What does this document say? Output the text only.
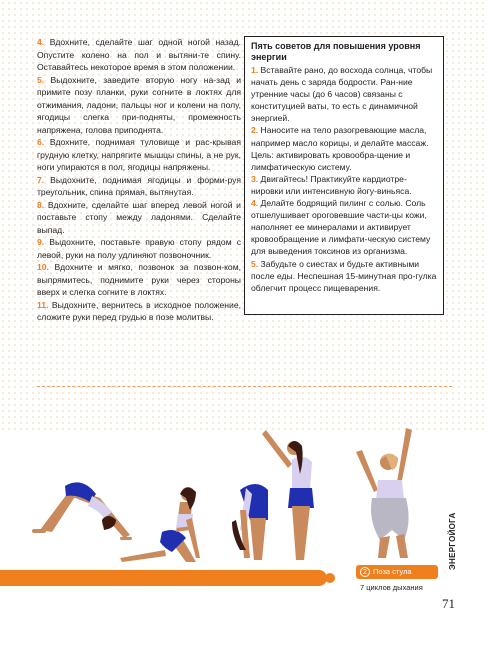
4. Вдохните, сделайте шаг одной ногой назад. Опустите колено на пол и вытяни-те спину. Оставайтесь некоторое время в этом положении.

5. Выдохните, заведите вторую ногу на-зад и примите позу планки, руки согните в локтях для отжимания, ладони, пальцы ног и колени на полу, ягодицы слегка при-подняты, промежность напряжена, голова приподнята.

6. Вдохните, поднимая туловище и рас-крывая грудную клетку, напрягите мышцы спины, а не рук, ноги упираются в пол, ягодицы напряжены.

7. Выдохните, поднимая ягодицы и форми-руя треугольник, спина прямая, вытянутая.

8. Вдохните, сделайте шаг вперед левой ногой и поставьте стопу между ладонями. Сделайте выпад.

9. Выдохните, поставьте правую стопу рядом с левой, руки на полу удлиняют позвоночник.

10. Вдохните и мягко, позвонок за позвон-ком, выпрямитесь, поднимите руки через стороны вверх и слегка согните в локтях.

11. Выдохните, вернитесь в исходное положение, сложите руки перед грудью в позе молитвы.

Пять советов для повышения уровня энергии

1. Вставайте рано, до восхода солнца, чтобы начать день с заряда бодрости. Ран-ние утренние часы (до 6 часов) связаны с конституцией ваты, то есть с динамичной энергией.

2. Наносите на тело разогревающие масла, например масло корицы, и делайте массаж. Цель: активировать кровообра-щение и лимфатическую систему.

3. Двигайтесь! Практикуйте кардиотре-нировки или интенсивную йогу-виньяса.

4. Делайте бодрящий пилинг с солью. Соль отшелушивает ороговевшие части-цы кожи, наполняет ее минералами и активирует кровообращение и лимфати-ческую систему для выведения токсинов из организма.

5. Забудьте о сиестах и будьте активными после еды. Неспешная 15-минутная про-гулка облегчит процесс пищеварения.

2 Поза стула
7 циклов дыхания
ЭНЕРГОЙОГА
71
